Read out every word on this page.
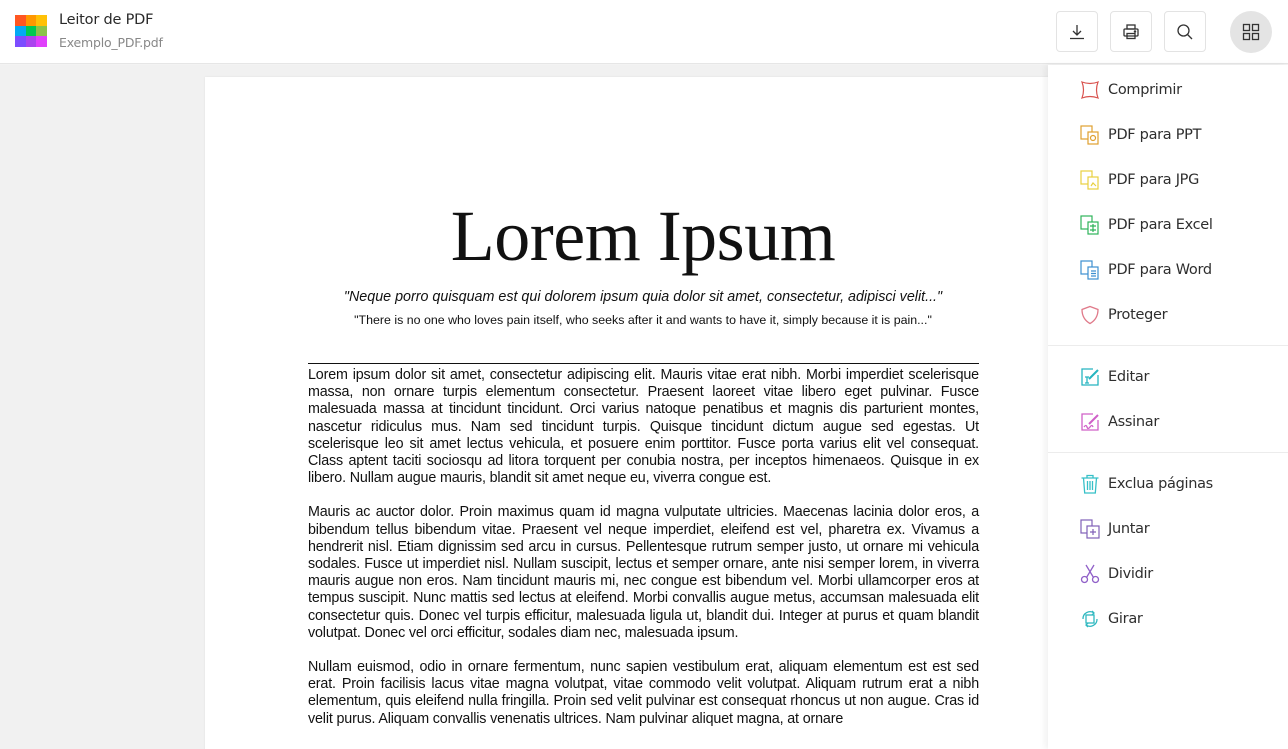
Leitor de PDF
Exemplo_PDF.pdf
Lorem Ipsum
"Neque porro quisquam est qui dolorem ipsum quia dolor sit amet, consectetur, adipisci velit..."
"There is no one who loves pain itself, who seeks after it and wants to have it, simply because it is pain..."

Lorem ipsum dolor sit amet, consectetur adipiscing elit. Mauris vitae erat nibh. Morbi imperdiet scelerisque massa, non ornare turpis elementum consectetur. Praesent laoreet vitae libero eget pulvinar. Fusce malesuada massa at tincidunt tincidunt. Orci varius natoque penatibus et magnis dis parturient montes, nascetur ridiculus mus. Nam sed tincidunt turpis. Quisque tincidunt dictum augue sed egestas. Ut scelerisque leo sit amet lectus vehicula, et posuere enim porttitor. Fusce porta varius elit vel consequat. Class aptent taciti sociosqu ad litora torquent per conubia nostra, per inceptos himenaeos. Quisque in ex libero. Nullam augue mauris, blandit sit amet neque eu, viverra congue est.

Mauris ac auctor dolor. Proin maximus quam id magna vulputate ultricies. Maecenas lacinia dolor eros, a bibendum tellus bibendum vitae. Praesent vel neque imperdiet, eleifend est vel, pharetra ex. Vivamus a hendrerit nisl. Etiam dignissim sed arcu in cursus. Pellentesque rutrum semper justo, ut ornare mi vehicula sodales. Fusce ut imperdiet nisl. Nullam suscipit, lectus et semper ornare, ante nisi semper lorem, in viverra mauris augue non eros. Nam tincidunt mauris mi, nec congue est bibendum vel. Morbi ullamcorper eros at tempus suscipit. Nunc mattis sed lectus at eleifend. Morbi convallis augue metus, accumsan malesuada elit consectetur quis. Donec vel turpis efficitur, malesuada ligula ut, blandit dui. Integer at purus et quam blandit volutpat. Donec vel orci efficitur, sodales diam nec, malesuada ipsum.

Nullam euismod, odio in ornare fermentum, nunc sapien vestibulum erat, aliquam elementum est est sed erat. Proin facilisis lacus vitae magna volutpat, vitae commodo velit volutpat. Aliquam rutrum erat a nibh elementum, quis eleifend nulla fringilla. Proin sed velit pulvinar est consequat rhoncus ut non augue. Cras id velit purus. Aliquam convallis venenatis ultrices. Nam pulvinar aliquet magna, at ornare

Comprimir
PDF para PPT
PDF para JPG
PDF para Excel
PDF para Word
Proteger
Editar
Assinar
Exclua páginas
Juntar
Dividir
Girar
